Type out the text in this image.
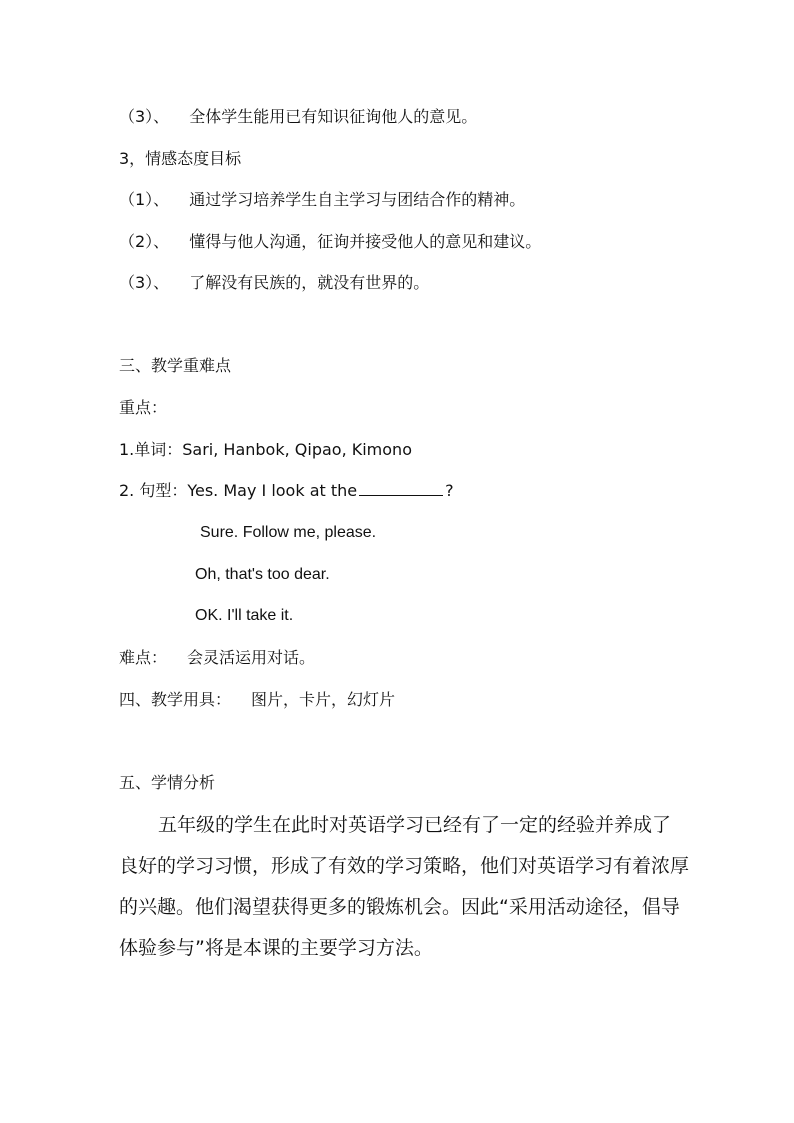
（3）、 全体学生能用已有知识征询他人的意见。
3，情感态度目标
（1）、 通过学习培养学生自主学习与团结合作的精神。
（2）、 懂得与他人沟通，征询并接受他人的意见和建议。
（3）、 了解没有民族的，就没有世界的。
三、教学重难点
重点：
1.单词：Sari, Hanbok, Qipao, Kimono
2. 句型：Yes. May I look at the	?
Sure. Follow me, please.
Oh, that's too dear.
OK. I'll take it.
难点： 会灵活运用对话。
四、教学用具： 图片，卡片，幻灯片
五、学情分析
五年级的学生在此时对英语学习已经有了一定的经验并养成了
良好的学习习惯，形成了有效的学习策略，他们对英语学习有着浓厚
的兴趣。他们渴望获得更多的锻炼机会。因此“采用活动途径，倡导
体验参与”将是本课的主要学习方法。
